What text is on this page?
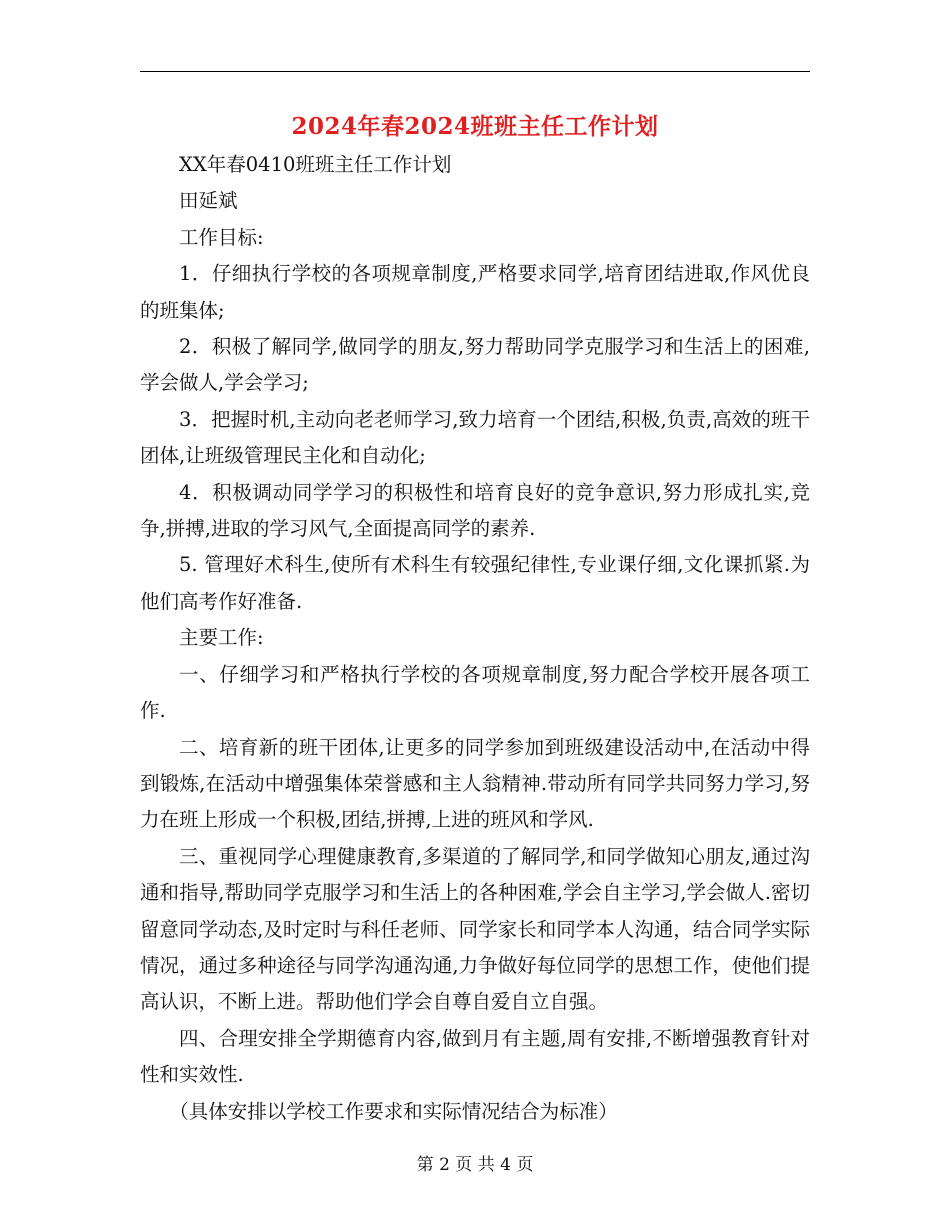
2024年春2024班班主任工作计划

XX年春0410班班主任工作计划

田延斌

工作目标:

1．仔细执行学校的各项规章制度,严格要求同学,培育团结进取,作风优良的班集体;

2．积极了解同学,做同学的朋友,努力帮助同学克服学习和生活上的困难,学会做人,学会学习;

3．把握时机,主动向老老师学习,致力培育一个团结,积极,负责,高效的班干团体,让班级管理民主化和自动化;

4．积极调动同学学习的积极性和培育良好的竞争意识,努力形成扎实,竞争,拼搏,进取的学习风气,全面提高同学的素养.

5. 管理好术科生,使所有术科生有较强纪律性,专业课仔细,文化课抓紧.为他们高考作好准备.

主要工作:

一、仔细学习和严格执行学校的各项规章制度,努力配合学校开展各项工作.

二、培育新的班干团体,让更多的同学参加到班级建设活动中,在活动中得到锻炼,在活动中增强集体荣誉感和主人翁精神.带动所有同学共同努力学习,努力在班上形成一个积极,团结,拼搏,上进的班风和学风.

三、重视同学心理健康教育,多渠道的了解同学,和同学做知心朋友,通过沟通和指导,帮助同学克服学习和生活上的各种困难,学会自主学习,学会做人.密切留意同学动态,及时定时与科任老师、同学家长和同学本人沟通，结合同学实际情况，通过多种途径与同学沟通沟通,力争做好每位同学的思想工作，使他们提高认识，不断上进。帮助他们学会自尊自爱自立自强。

四、合理安排全学期德育内容,做到月有主题,周有安排,不断增强教育针对性和实效性.

（具体安排以学校工作要求和实际情况结合为标准）

第 2 页 共 4 页
